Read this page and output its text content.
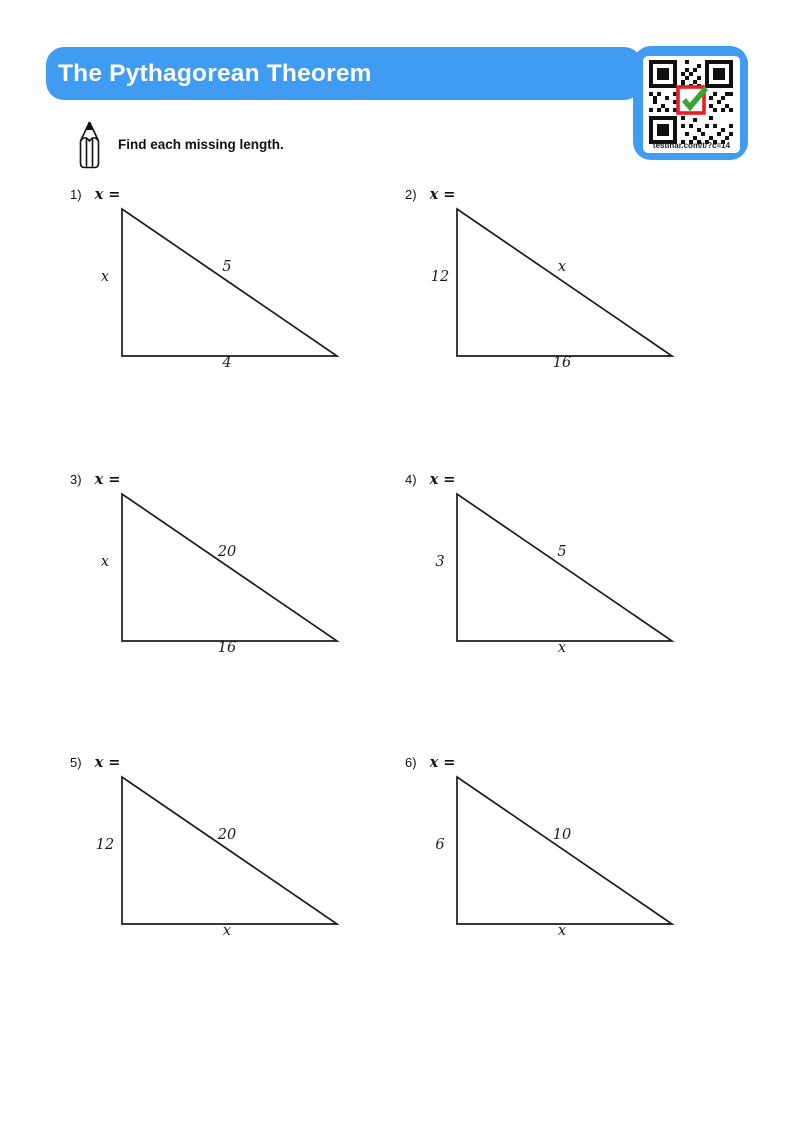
The Pythagorean Theorem
testinar.com/t/?c=14
Find each missing length.
1) x =
x
5
4
2) x =
12
x
16
3) x =
x
20
16
4) x =
3
5
x
5) x =
12
20
x
6) x =
6
10
x
